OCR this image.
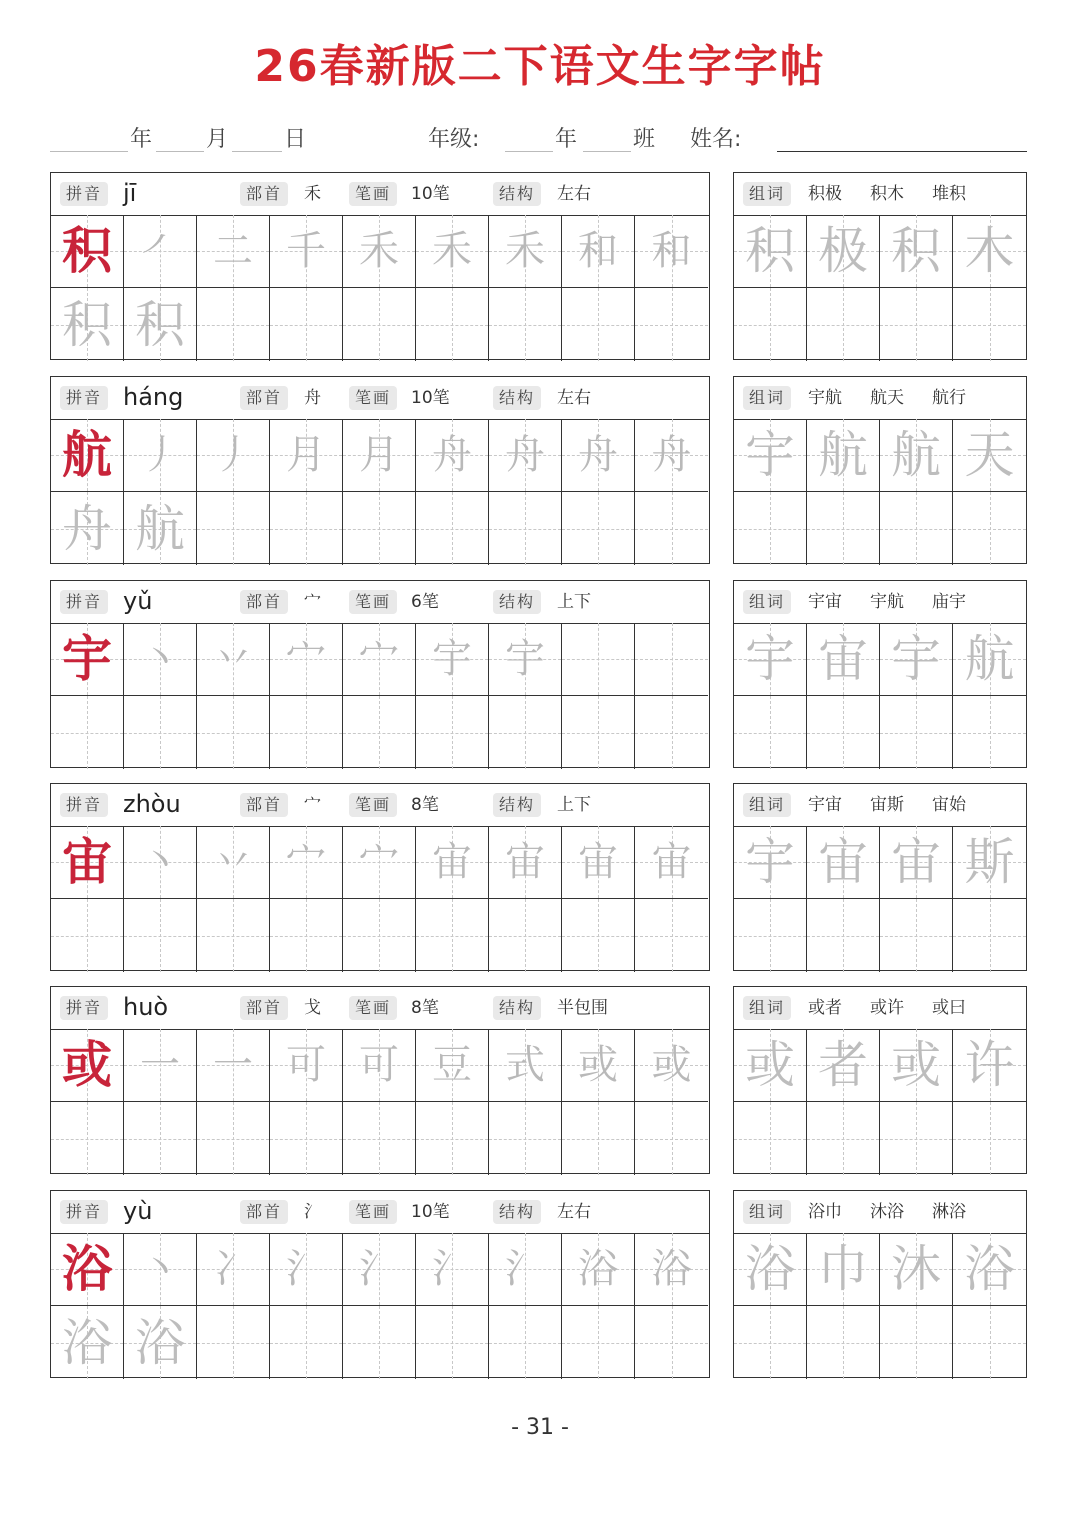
26春新版二下语文生字字帖
年 月	日	年级:	年	班 姓名:
拼音 jī	部首	禾	笔画	10笔	结构	左右
积 ㇒ 二 千 禾 禾 禾 和 和
积 积
组词	积极 积木 堆积
积 极 积 木
拼音 háng	部首	舟	笔画	10笔	结构	左右
航 丿 丿 月 月 舟 舟 舟 舟
舟 航
组词	宇航 航天 航行
宇 航 航 天
拼音 yǔ	部首	宀	笔画	6笔	结构	上下
宇 丶 丷 宀 宀 宇 宇
组词	宇宙 宇航 庙宇
宇 宙 宇 航
拼音 zhòu	部首	宀	笔画	8笔	结构	上下
宙 丶 丷 宀 宀 宙 宙 宙 宙
组词	宇宙 宙斯 宙始
宇 宙 宙 斯
拼音 huò	部首	戈	笔画	8笔	结构	半包围
或 一 一 可 可 豆 式 或 或
组词	或者 或许 或曰
或 者 或 许
拼音 yù	部首	氵	笔画	10笔	结构	左右
浴 丶 冫 氵 氵 氵 氵 浴 浴
浴 浴
组词	浴巾 沐浴 淋浴
浴 巾 沐 浴
- 31 -
